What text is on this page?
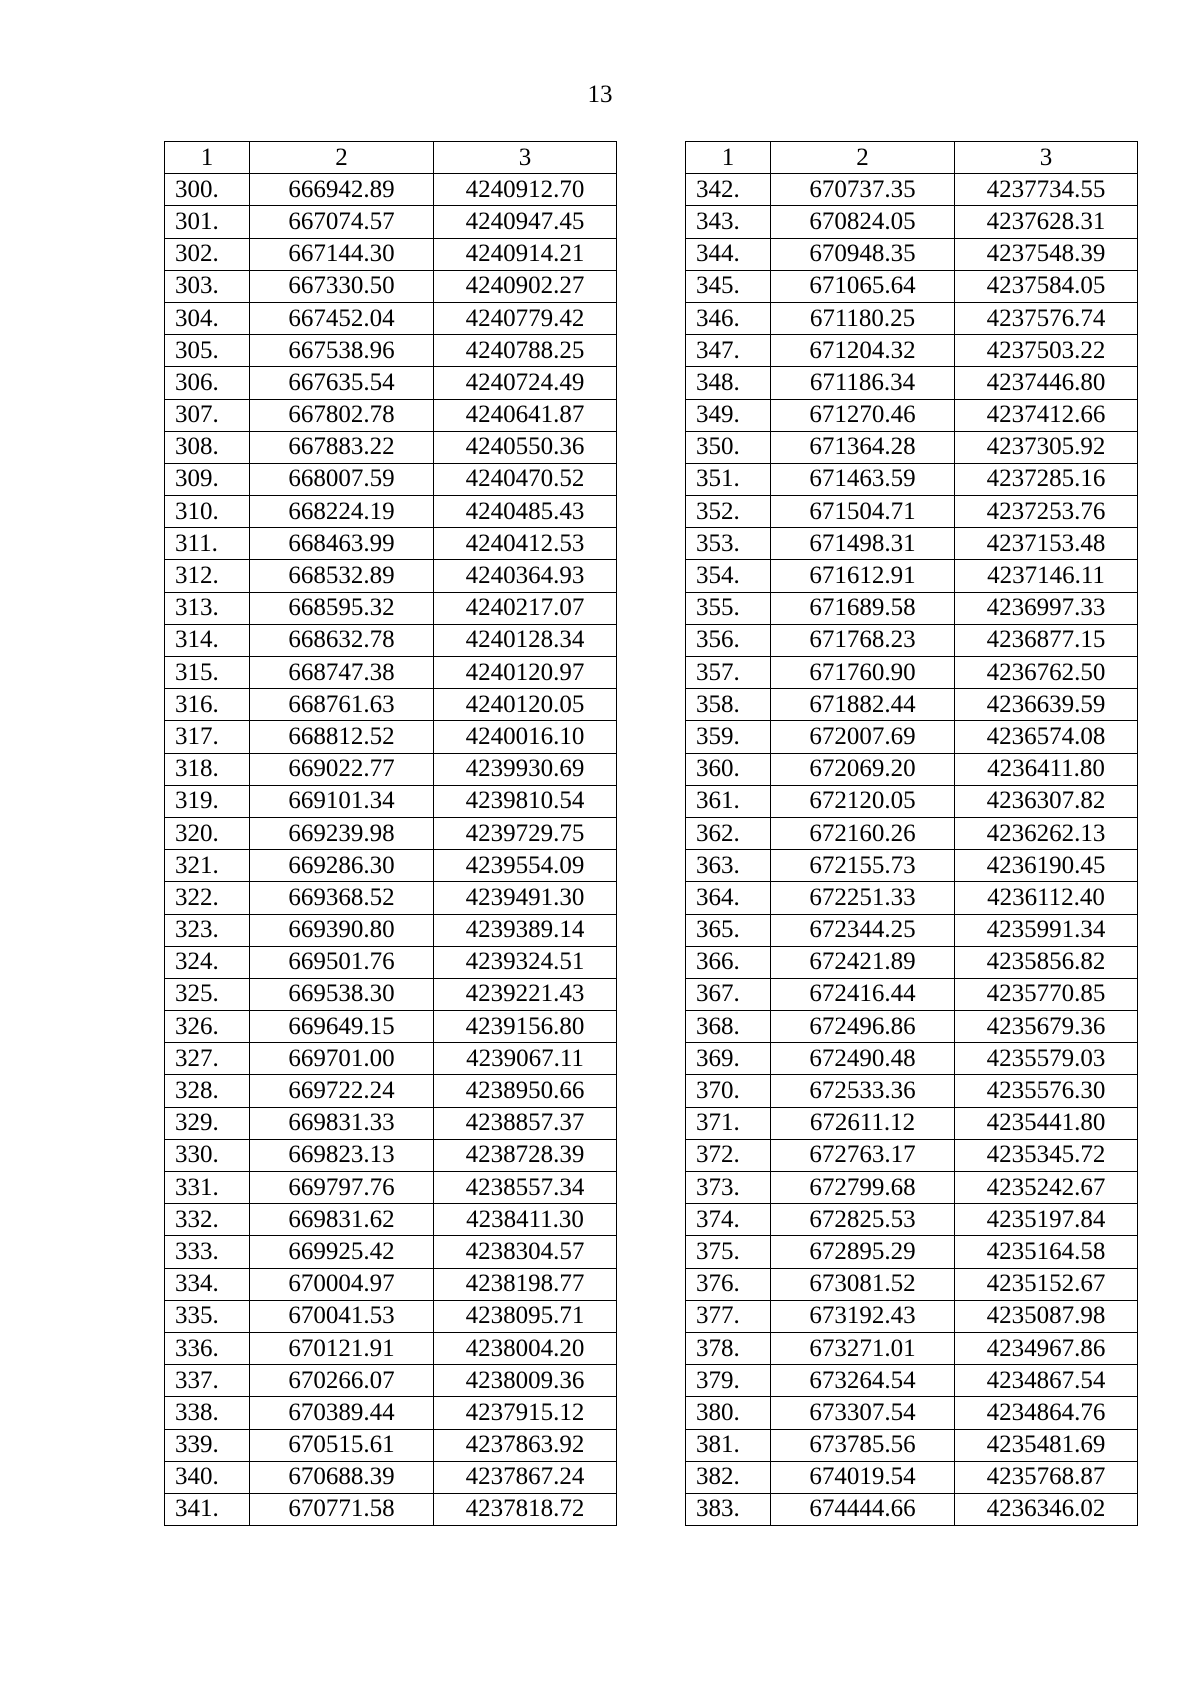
13
1	2	3
300.	666942.89	4240912.70
301.	667074.57	4240947.45
302.	667144.30	4240914.21
303.	667330.50	4240902.27
304.	667452.04	4240779.42
305.	667538.96	4240788.25
306.	667635.54	4240724.49
307.	667802.78	4240641.87
308.	667883.22	4240550.36
309.	668007.59	4240470.52
310.	668224.19	4240485.43
311.	668463.99	4240412.53
312.	668532.89	4240364.93
313.	668595.32	4240217.07
314.	668632.78	4240128.34
315.	668747.38	4240120.97
316.	668761.63	4240120.05
317.	668812.52	4240016.10
318.	669022.77	4239930.69
319.	669101.34	4239810.54
320.	669239.98	4239729.75
321.	669286.30	4239554.09
322.	669368.52	4239491.30
323.	669390.80	4239389.14
324.	669501.76	4239324.51
325.	669538.30	4239221.43
326.	669649.15	4239156.80
327.	669701.00	4239067.11
328.	669722.24	4238950.66
329.	669831.33	4238857.37
330.	669823.13	4238728.39
331.	669797.76	4238557.34
332.	669831.62	4238411.30
333.	669925.42	4238304.57
334.	670004.97	4238198.77
335.	670041.53	4238095.71
336.	670121.91	4238004.20
337.	670266.07	4238009.36
338.	670389.44	4237915.12
339.	670515.61	4237863.92
340.	670688.39	4237867.24
341.	670771.58	4237818.72
1	2	3
342.	670737.35	4237734.55
343.	670824.05	4237628.31
344.	670948.35	4237548.39
345.	671065.64	4237584.05
346.	671180.25	4237576.74
347.	671204.32	4237503.22
348.	671186.34	4237446.80
349.	671270.46	4237412.66
350.	671364.28	4237305.92
351.	671463.59	4237285.16
352.	671504.71	4237253.76
353.	671498.31	4237153.48
354.	671612.91	4237146.11
355.	671689.58	4236997.33
356.	671768.23	4236877.15
357.	671760.90	4236762.50
358.	671882.44	4236639.59
359.	672007.69	4236574.08
360.	672069.20	4236411.80
361.	672120.05	4236307.82
362.	672160.26	4236262.13
363.	672155.73	4236190.45
364.	672251.33	4236112.40
365.	672344.25	4235991.34
366.	672421.89	4235856.82
367.	672416.44	4235770.85
368.	672496.86	4235679.36
369.	672490.48	4235579.03
370.	672533.36	4235576.30
371.	672611.12	4235441.80
372.	672763.17	4235345.72
373.	672799.68	4235242.67
374.	672825.53	4235197.84
375.	672895.29	4235164.58
376.	673081.52	4235152.67
377.	673192.43	4235087.98
378.	673271.01	4234967.86
379.	673264.54	4234867.54
380.	673307.54	4234864.76
381.	673785.56	4235481.69
382.	674019.54	4235768.87
383.	674444.66	4236346.02
